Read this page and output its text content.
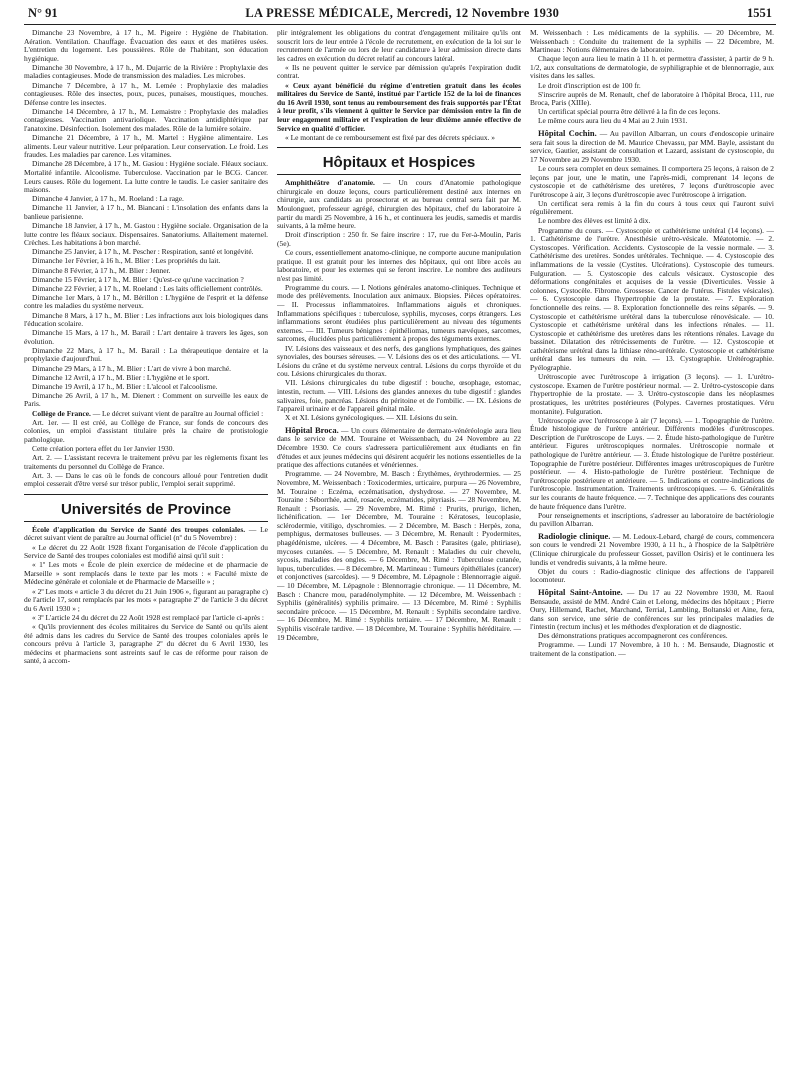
N° 91	LA PRESSE MÉDICALE, Mercredi, 12 Novembre 1930	1551

Dimanche 23 Novembre, à 17 h., M. Pigeire : Hygiène de l'habitation. Aération. Ventilation. Chauffage. Évacuation des eaux et des matières usées. L'entretien du logement. Les poussières. Rôle de l'habitant, son éducation hygiénique.

Dimanche 30 Novembre, à 17 h., M. Dujarric de la Rivière : Prophylaxie des maladies contagieuses. Mode de transmission des maladies. Les microbes.

Dimanche 7 Décembre, à 17 h., M. Lemée : Prophylaxie des maladies contagieuses. Rôle des insectes, poux, puces, punaises, moustiques, mouches. Défense contre les insectes.

Dimanche 14 Décembre, à 17 h., M. Lemaistre : Prophylaxie des maladies contagieuses. Vaccination antivariolique. Vaccination antidiphtérique par l'anatoxine. Désinfection. Isolement des malades. Rôle de la lumière solaire.

Dimanche 21 Décembre, à 17 h., M. Martel : Hygiène alimentaire. Les aliments. Leur valeur nutritive. Leur préparation. Leur conservation. Le froid. Les fraudes. Les maladies par carence. Les vitamines.

Dimanche 28 Décembre, à 17 h., M. Gasiou : Hygiène sociale. Fléaux sociaux. Mortalité infantile. Alcoolisme. Tuberculose. Vaccination par le BCG. Cancer. Leurs causes. Rôle du logement. La lutte contre le taudis. Le casier sanitaire des maisons.

Dimanche 4 Janvier, à 17 h., M. Roeland : La rage.

Dimanche 11 Janvier, à 17 h., M. Biancani : L'insolation des enfants dans la banlieue parisienne.

Dimanche 18 Janvier, à 17 h., M. Gastou : Hygiène sociale. Organisation de la lutte contre les fléaux sociaux. Dispensaires. Sanatoriums. Allaitement maternel. Crèches. Les habitations à bon marché.

Dimanche 25 Janvier, à 17 h., M. Pescher : Respiration, santé et longévité.

Dimanche 1er Février, à 16 h., M. Blier : Les propriétés du lait.

Dimanche 8 Février, à 17 h., M. Blier : Jenner.

Dimanche 15 Février, à 17 h., M. Blier : Qu'est-ce qu'une vaccination ?

Dimanche 22 Février, à 17 h., M. Roeland : Les laits officiellement contrôlés.

Dimanche 1er Mars, à 17 h., M. Bérillon : L'hygiène de l'esprit et la défense contre les maladies du système nerveux.

Dimanche 8 Mars, à 17 h., M. Blier : Les infractions aux lois biologiques dans l'éducation scolaire.

Dimanche 15 Mars, à 17 h., M. Barail : L'art dentaire à travers les âges, son évolution.

Dimanche 22 Mars, à 17 h., M. Barail : La thérapeutique dentaire et la prophylaxie d'aujourd'hui.

Dimanche 29 Mars, à 17 h., M. Blier : L'art de vivre à bon marché.

Dimanche 12 Avril, à 17 h., M. Blier : L'hygiène et le sport.

Dimanche 19 Avril, à 17 h., M. Blier : L'alcool et l'alcoolisme.

Dimanche 26 Avril, à 17 h., M. Dienert : Comment on surveille les eaux de Paris.

Collège de France. — Le décret suivant vient de paraître au Journal officiel :

Art. 1er. — Il est créé, au Collège de France, sur fonds de concours des colonies, un emploi d'assistant titulaire près la chaire de protistologie pathologique.

Cette création portera effet du 1er Janvier 1930.

Art. 2. — L'assistant recevra le traitement prévu par les règlements fixant les traitements du personnel du Collège de France.

Art. 3. — Dans le cas où le fonds de concours alloué pour l'entretien dudit emploi cesserait d'être versé sur trésor public, l'emploi serait supprimé.

Universités de Province

École d'application du Service de Santé des troupes coloniales. — Le décret suivant vient de paraître au Journal officiel (nº du 5 Novembre) :

« Le décret du 22 Août 1928 fixant l'organisation de l'école d'application du Service de Santé des troupes coloniales est modifié ainsi qu'il suit :

« 1º Les mots « École de plein exercice de médecine et de pharmacie de Marseille » sont remplacés dans le texte par les mots : « Faculté mixte de Médecine générale et coloniale et de Pharmacie de Marseille » ;

« 2º Les mots « article 3 du décret du 21 Juin 1906 », figurant au paragraphe c) de l'article 17, sont remplacés par les mots « paragraphe 2º de l'article 3 du décret du 6 Avril 1930 » ;

« 3º L'article 24 du décret du 22 Août 1928 est remplacé par l'article ci-après :

« Qu'ils proviennent des écoles militaires du Service de Santé ou qu'ils aient été admis dans les cadres du Service de Santé des troupes coloniales après le concours prévu à l'article 3, paragraphe 2º du décret du 6 Avril 1930, les médecins et pharmaciens sont astreints sauf le cas de réforme pour raison de santé, à accom-

plir intégralement les obligations du contrat d'engagement militaire qu'ils ont souscrit lors de leur entrée à l'école de recrutement, en exécution de la loi sur le recrutement de l'armée ou lors de leur candidature à leur admission directe dans les cadres en exécution du décret relatif au concours latéral.

« Ils ne peuvent quitter le service par démission qu'après l'expiration dudit contrat.

« Ceux ayant bénéficié du régime d'entretien gratuit dans les écoles militaires du Service de Santé, institué par l'article 152 de la loi de finances du 16 Avril 1930, sont tenus au remboursement des frais supportés par l'État à leur profit, s'ils viennent à quitter le Service par démission entre la fin de leur engagement militaire et l'expiration de leur dixième année effective de Service en qualité d'officier.

« Le montant de ce remboursement est fixé par des décrets spéciaux. »

Hôpitaux et Hospices

Amphithéâtre d'anatomie. — Un cours d'Anatomie pathologique chirurgicale en douze leçons, cours particulièrement destiné aux internes en chirurgie, aux candidats au prosectorat et au bureau central sera fait par M. Moulonguet, professeur agrégé, chirurgien des hôpitaux, chef du laboratoire à partir du mardi 25 Novembre, à 16 h., et continuera les jeudis, samedis et mardis suivants, à la même heure.

Droit d'inscription : 250 fr. Se faire inscrire : 17, rue du Fer-à-Moulin, Paris (5e).

Ce cours, essentiellement anatomo-clinique, ne comporte aucune manipulation pratique. Il est gratuit pour les internes des hôpitaux, qui ont libre accès au laboratoire, et pour les externes qui se feront inscrire. Le nombre des auditeurs n'est pas limité.

Programme du cours. — I. Notions générales anatomo-cliniques. Technique et mode des prélèvements. Inoculation aux animaux. Biopsies. Pièces opératoires. — II. Processus inflammatoires. Inflammations aiguës et chroniques. Inflammations spécifiques : tuberculose, syphilis, mycoses, corps étrangers. Les inflammations seront étudiées plus particulièrement au niveau des téguments externes. — III. Tumeurs bénignes : épithéliomas, tumeurs nævéques, sarcomes, sarcomes, élucidées plus particulièrement à propos des téguments externes.

IV. Lésions des vaisseaux et des nerfs, des ganglions lymphatiques, des gaines synoviales, des bourses séreuses. — V. Lésions des os et des articulations. — VI. Lésions du crâne et du système nerveux central. Lésions du corps thyroïde et du cou. Lésions chirurgicales du thorax.

VII. Lésions chirurgicales du tube digestif : bouche, œsophage, estomac, intestin, rectum. — VIII. Lésions des glandes annexes du tube digestif : glandes salivaires, foie, pancréas. Lésions du péritoine et de l'ombilic. — IX. Lésions de l'appareil urinaire et de l'appareil génital mâle.

X et XI. Lésions gynécologiques. — XII. Lésions du sein.

Hôpital Broca. — Un cours élémentaire de dermato-vénéréologie aura lieu dans le service de MM. Touraine et Weissenbach, du 24 Novembre au 22 Décembre 1930. Ce cours s'adressera particulièrement aux étudiants en fin d'études et aux jeunes médecins qui désirent acquérir les notions essentielles de la pratique des affections cutanées et vénériennes.

Programme. — 24 Novembre, M. Basch : Érythèmes, érythrodermies. — 25 Novembre, M. Weissenbach : Toxicodermies, urticaire, purpura — 26 Novembre, M. Touraine : Eczéma, eczématisation, dyshydrose. — 27 Novembre, M. Touraine : Séborrhée, acné, rosacée, eczématides, pityriasis. — 28 Novembre, M. Renault : Psoriasis. — 29 Novembre, M. Rimé : Prurits, prurigo, lichen, lichénification. — 1er Décembre, M. Touraine : Kératoses, leucoplasie, sclérodermie, vitiligo, dyschromies. — 2 Décembre, M. Basch : Herpès, zona, pemphigus, dermatoses bulleuses. — 3 Décembre, M. Renault : Pyodermites, phagédénisme, ulcères. — 4 Décembre, M. Basch : Parasites (gale, phtiriase), mycoses cutanées. — 5 Décembre, M. Renault : Maladies du cuir chevelu, sycosis, maladies des ongles. — 6 Décembre, M. Rimé : Tuberculose cutanée, lupus, tuberculides. — 8 Décembre, M. Martineau : Tumeurs épithéliales (cancer) et conjonctives (sarcoïdes). — 9 Décembre, M. Lépagnole : Blennorragie aiguë. — 10 Décembre, M. Lépagnole : Blennorragie chronique. — 11 Décembre, M. Basch : Chancre mou, paradénolymphite. — 12 Décembre, M. Weissenbach : Syphilis (généralités) syphilis primaire. — 13 Décembre, M. Rimé : Syphilis secondaire précoce. — 15 Décembre, M. Renault : Syphilis secondaire tardive. — 16 Décembre, M. Rimé : Syphilis tertiaire. — 17 Décembre, M. Renault : Syphilis viscérale tardive. — 18 Décembre, M. Touraine : Syphilis héréditaire. — 19 Décembre,

M. Weissenbach : Les médicaments de la syphilis. — 20 Décembre, M. Weissenbach : Conduite du traitement de la syphilis — 22 Décembre, M. Martineau : Notions élémentaires de laboratoire.

Chaque leçon aura lieu le matin à 11 h. et permettra d'assister, à partir de 9 h. 1/2, aux consultations de dermatologie, de syphiligraphie et de blennorragie, aux visites dans les salles.

Le droit d'inscription est de 100 fr.

S'inscrire auprès de M. Renault, chef de laboratoire à l'hôpital Broca, 111, rue Broca, Paris (XIIIe).

Un certificat spécial pourra être délivré à la fin de ces leçons.

Le même cours aura lieu du 4 Mai au 2 Juin 1931.

Hôpital Cochin. — Au pavillon Albarran, un cours d'endoscopie urinaire sera fait sous la direction de M. Maurice Chevassu, par MM. Bayle, assistant du service, Gautier, assistant de consultation et Lazard, assistant de cystoscopie, du 17 Novembre au 29 Novembre 1930.

Le cours sera complet en deux semaines. Il comportera 25 leçons, à raison de 2 leçons par jour, une le matin, une l'après-midi, comprenant 14 leçons de cystoscopie et de cathétérisme des uretères, 7 leçons d'urétroscopie avec l'urétroscope à air, 3 leçons d'urétroscopie avec l'urétroscope à irrigation.

Un certificat sera remis à la fin du cours à tous ceux qui l'auront suivi régulièrement.

Le nombre des élèves est limité à dix.

Programme du cours. — Cystoscopie et cathétérisme urétéral (14 leçons). — 1. Cathétérisme de l'urètre. Anesthésie urétro-vésicale. Méatotomie. — 2. Cystoscopes. Vérification. Accidents. Cystoscopie de la vessie normale. — 3. Cathétérisme des uretères. Sondes urétérales. Technique. — 4. Cystoscopie des inflammations de la vessie (Cystites. Ulcérations). Cystoscopie des tumeurs. Fulguration. — 5. Cystoscopie des calculs vésicaux. Cystoscopie des déformations congénitales et acquises de la vessie (Diverticules. Vessie à colonnes, Cystocèle. Fibrome. Grossesse. Cancer de l'utérus. Fistules vésicales). — 6. Cystoscopie dans l'hypertrophie de la prostate. — 7. Exploration fonctionnelle des reins. — 8. Exploration fonctionnelle des reins séparés. — 9. Cystoscopie et cathétérisme urétéral dans la tuberculose rénovésicale. — 10. Cystoscopie et cathétérisme urétéral dans les infections rénales. — 11. Cystoscopie et cathétérisme des uretères dans les rétentions rénales. Lavage du bassinet. Dilatation des rétrécissements de l'urètre. — 12. Cystoscopie et cathétérisme urétéral dans la lithiase réno-urétérale. Cystoscopie et cathétérisme urétéral dans les tumeurs du rein. — 13. Cystographie. Urétérographie. Pyélographie.

Urétroscopie avec l'urétroscope à irrigation (3 leçons). — 1. L'urétro-cystoscope. Examen de l'urètre postérieur normal. — 2. Urétro-cystoscopie dans l'hypertrophie de la prostate. — 3. Urétro-cystoscopie dans les néoplasmes prostatiques, les urétrites postérieures (Polypes. Cavernes prostatiques. Véru montanite). Fulguration.

Urétroscopie avec l'urétroscope à air (7 leçons). — 1. Topographie de l'urètre. Étude histologique de l'urètre antérieur. Différents modèles d'urétroscopes. Description de l'urétroscope de Luys. — 2. Étude histo-pathologique de l'urètre antérieur. Figures urétroscopiques normales. Urétroscopie normale et pathologique de l'urètre antérieur. — 3. Étude histologique de l'urètre postérieur. Topographie de l'urètre postérieur. Différentes images urétroscopiques de l'urètre postérieur. — 4. Histo-pathologie de l'urètre postérieur. Technique de l'urétroscopie postérieure et antérieure. — 5. Indications et contre-indications de l'urétroscopie. Instrumentation. Traitements urétroscopiques. — 6. Généralités sur les courants de haute fréquence. — 7. Technique des applications des courants de haute fréquence dans l'urètre.

Pour renseignements et inscriptions, s'adresser au laboratoire de bactériologie du pavillon Albarran.

Radiologie clinique. — M. Ledoux-Lebard, chargé de cours, commencera son cours le vendredi 21 Novembre 1930, à 11 h., à l'hospice de la Salpêtrière (Clinique chirurgicale du professeur Gosset, pavillon Osiris) et le continuera les lundis et vendredis suivants, à la même heure.

Objet du cours : Radio-diagnostic clinique des affections de l'appareil locomoteur.

Hôpital Saint-Antoine. — Du 17 au 22 Novembre 1930, M. Raoul Bensaude, assisté de MM. André Cain et Lelong, médecins des hôpitaux ; Pierre Oury, Hillemand, Rachet, Marchand, Terrial, Lambling, Boltanski et Aine, fera, dans son service, une série de conférences sur les principales maladies de l'intestin (rectum inclus) et les méthodes d'exploration et de diagnostic.

Des démonstrations pratiques accompagneront ces conférences.

Programme. — Lundi 17 Novembre, à 10 h. : M. Bensaude, Diagnostic et traitement de la constipation. —
